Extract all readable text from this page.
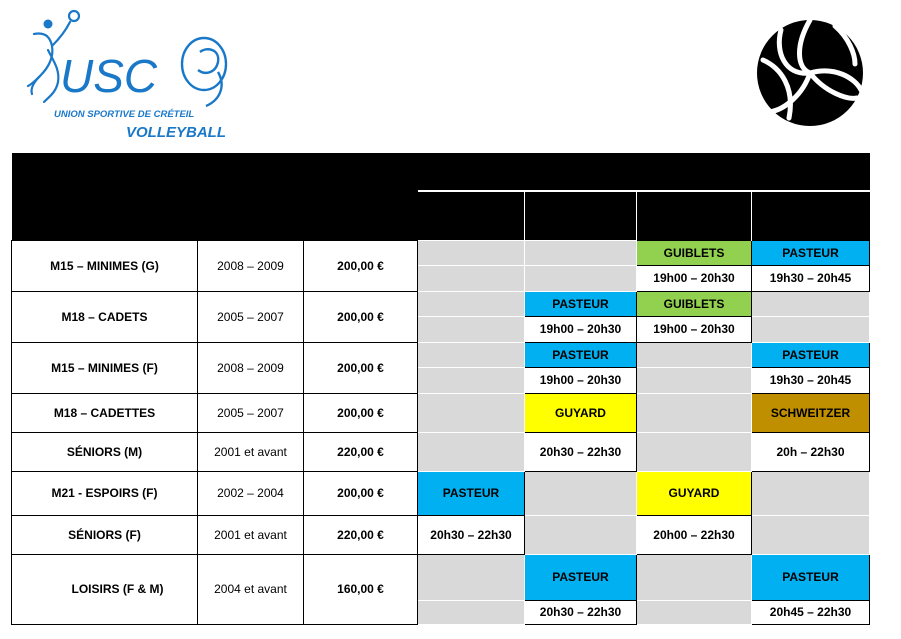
USC
UNION SPORTIVE DE CRÉTEIL
VOLLEYBALL
CATÉGORIES	ANNÉES	COTISATION	ENTRAÎNEMENTS			
			LUNDI	MARDI	MERCREDI	JEUDI
M15 – MINIMES (G)	2008 – 2009	200,00 €			GUIBLETS	PASTEUR
					19h00 – 20h30	19h30 – 20h45
M18 – CADETS	2005 – 2007	200,00 €		PASTEUR	GUIBLETS	
				19h00 – 20h30	19h00 – 20h30	
M15 – MINIMES (F)	2008 – 2009	200,00 €		PASTEUR		PASTEUR
				19h00 – 20h30		19h30 – 20h45
M18 – CADETTES	2005 – 2007	200,00 €		GUYARD		SCHWEITZER
SÉNIORS (M)	2001 et avant	220,00 €		20h30 – 22h30		20h – 22h30
M21 - ESPOIRS (F)	2002 – 2004	200,00 €	PASTEUR		GUYARD	
SÉNIORS (F)	2001 et avant	220,00 €	20h30 – 22h30		20h00 – 22h30	
LOISIRS (F & M)	2004 et avant	160,00 €		PASTEUR		PASTEUR
				20h30 – 22h30		20h45 – 22h30
